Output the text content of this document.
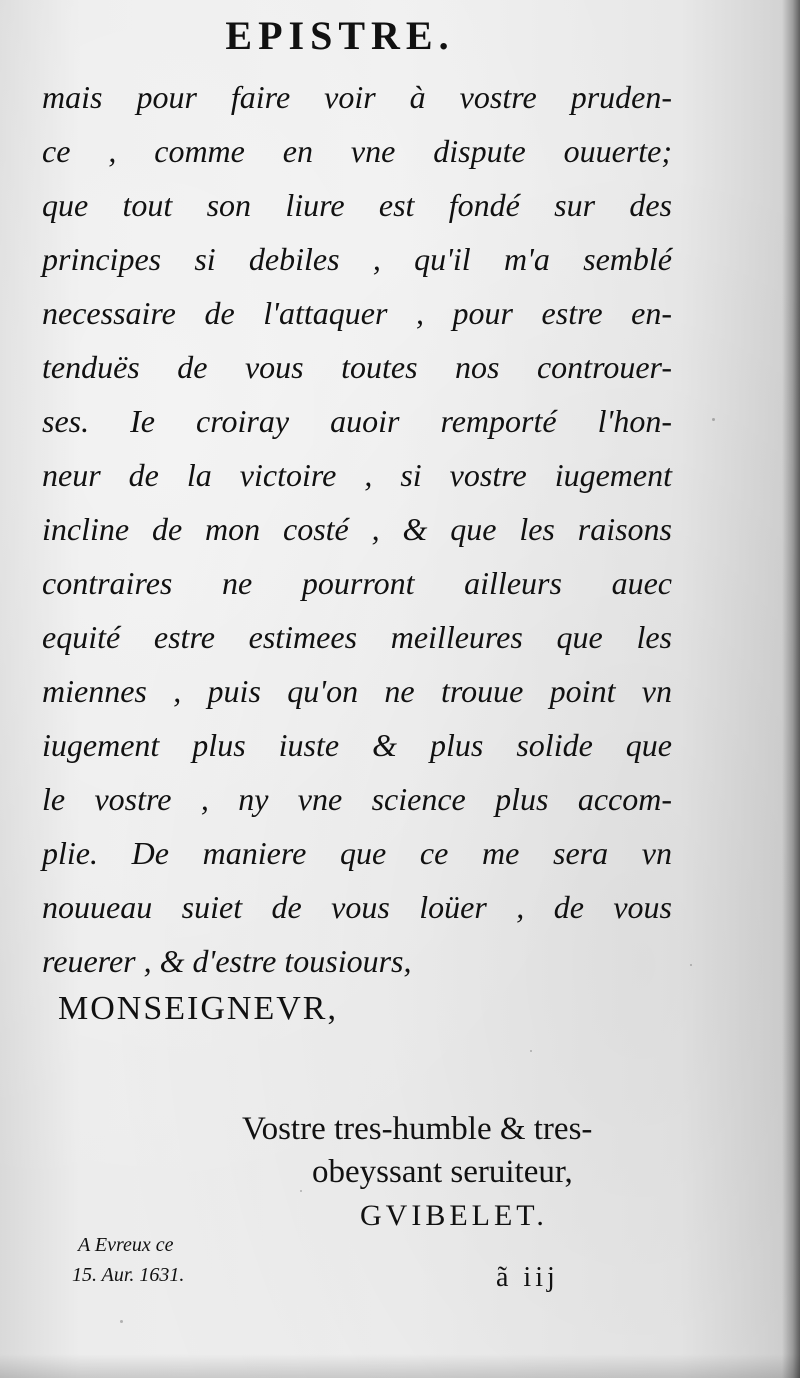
EPISTRE.
mais pour faire voir à vostre pruden-
ce , comme en vne dispute ouuerte;
que tout son liure est fondé sur des
principes si debiles , qu'il m'a semblé
necessaire de l'attaquer , pour estre en-
tenduës de vous toutes nos controuer-
ses. Ie croiray auoir remporté l'hon-
neur de la victoire , si vostre iugement
incline de mon costé , & que les raisons
contraires ne pourront ailleurs auec
equité estre estimees meilleures que les
miennes , puis qu'on ne trouue point vn
iugement plus iuste & plus solide que
le vostre , ny vne science plus accom-
plie. De maniere que ce me sera vn
nouueau suiet de vous loüer , de vous
reuerer , & d'estre tousiours,
MONSEIGNEVR,
Vostre tres-humble & tres-
obeyssant seruiteur,
GVIBELET.
A Evreux ce
15. Aur. 1631.	ã iij
